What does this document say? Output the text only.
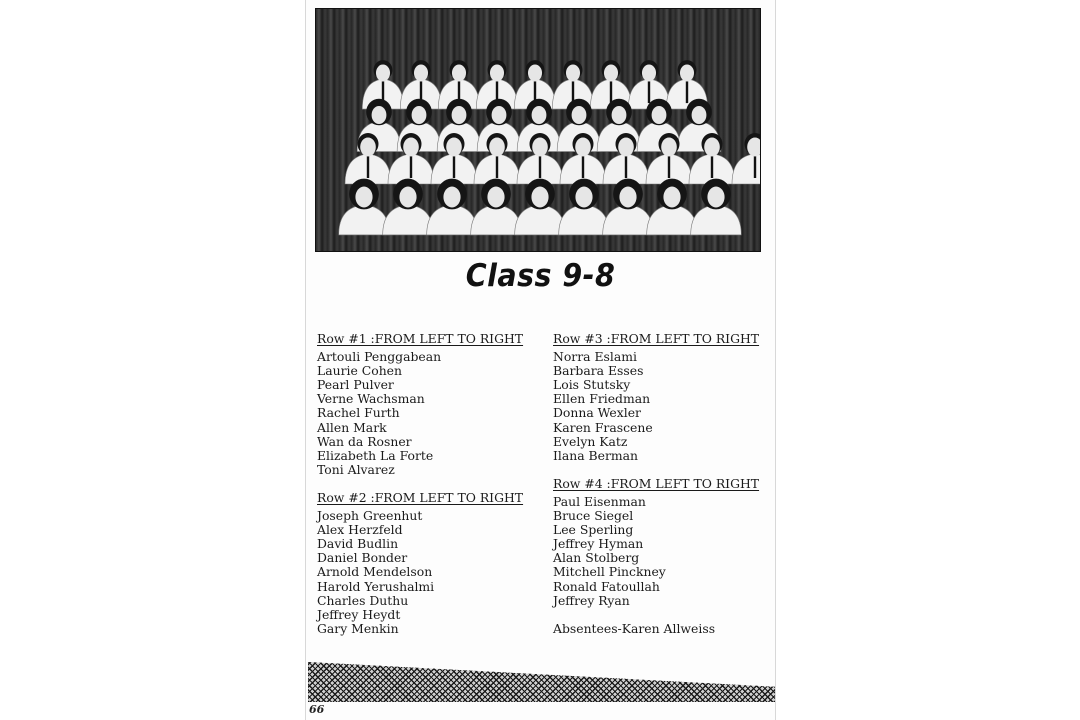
Class 9-8
Row #1 :FROM LEFT TO RIGHT
Artouli Penggabean
Laurie Cohen
Pearl Pulver
Verne Wachsman
Rachel Furth
Allen Mark
Wan da Rosner
Elizabeth La Forte
Toni Alvarez
Row #2 :FROM LEFT TO RIGHT
Joseph Greenhut
Alex Herzfeld
David Budlin
Daniel Bonder
Arnold Mendelson
Harold Yerushalmi
Charles Duthu
Jeffrey Heydt
Gary Menkin
Row #3 :FROM LEFT TO RIGHT
Norra Eslami
Barbara Esses
Lois Stutsky
Ellen Friedman
Donna Wexler
Karen Frascene
Evelyn Katz
Ilana Berman
Row #4 :FROM LEFT TO RIGHT
Paul Eisenman
Bruce Siegel
Lee Sperling
Jeffrey Hyman
Alan Stolberg
Mitchell Pinckney
Ronald Fatoullah
Jeffrey Ryan
Absentees-Karen Allweiss
66
